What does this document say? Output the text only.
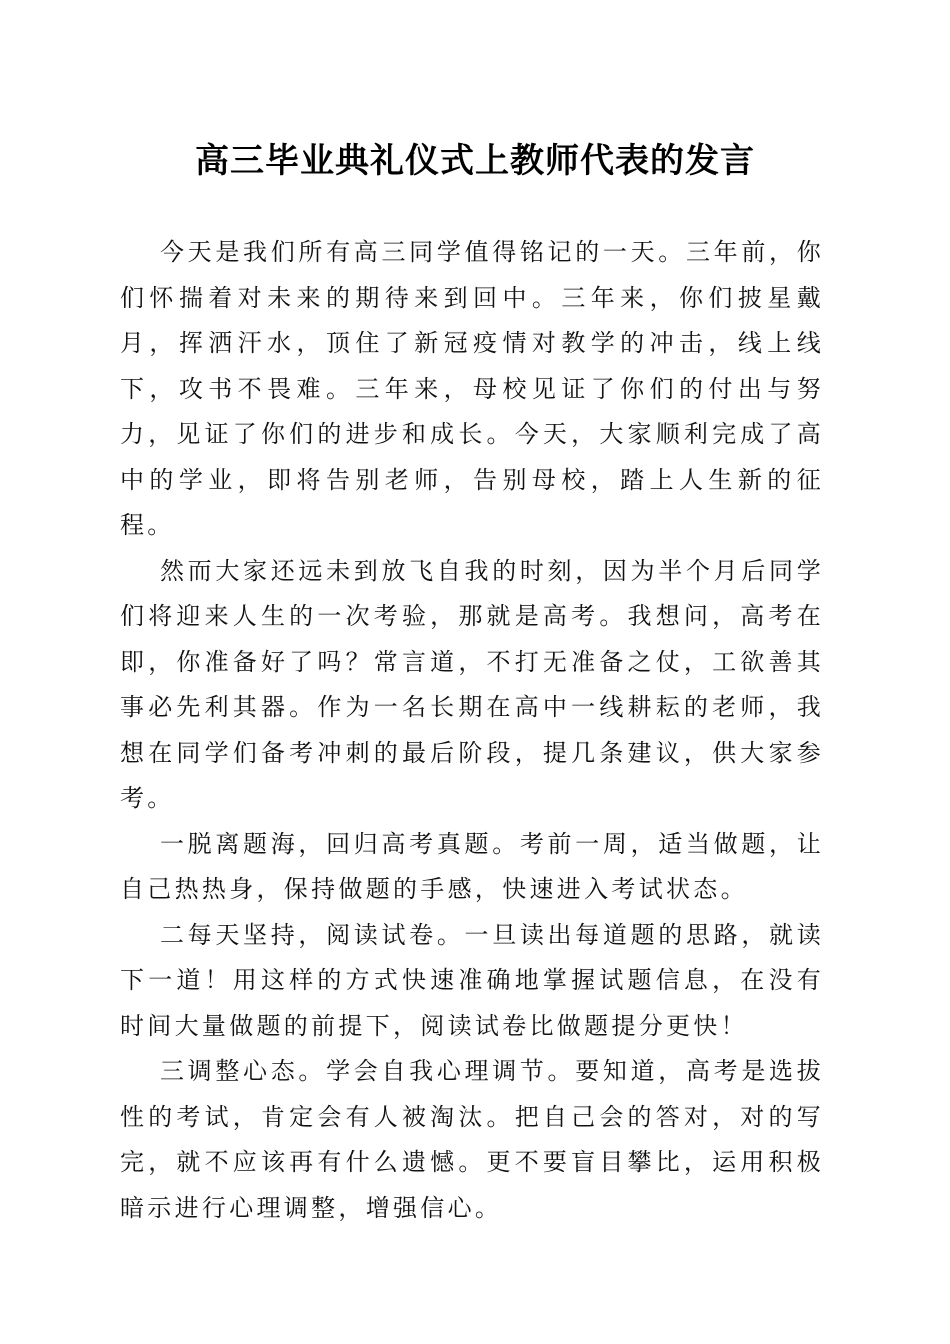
高三毕业典礼仪式上教师代表的发言

今天是我们所有高三同学值得铭记的一天。三年前，你们怀揣着对未来的期待来到回中。三年来，你们披星戴月，挥洒汗水，顶住了新冠疫情对教学的冲击，线上线下，攻书不畏难。三年来，母校见证了你们的付出与努力，见证了你们的进步和成长。今天，大家顺利完成了高中的学业，即将告别老师，告别母校，踏上人生新的征程。

然而大家还远未到放飞自我的时刻，因为半个月后同学们将迎来人生的一次考验，那就是高考。我想问，高考在即，你准备好了吗？常言道，不打无准备之仗，工欲善其事必先利其器。作为一名长期在高中一线耕耘的老师，我想在同学们备考冲刺的最后阶段，提几条建议，供大家参考。

一脱离题海，回归高考真题。考前一周，适当做题，让自己热热身，保持做题的手感，快速进入考试状态。

二每天坚持，阅读试卷。一旦读出每道题的思路，就读下一道！用这样的方式快速准确地掌握试题信息，在没有时间大量做题的前提下，阅读试卷比做题提分更快！

三调整心态。学会自我心理调节。要知道，高考是选拔性的考试，肯定会有人被淘汰。把自己会的答对，对的写完，就不应该再有什么遗憾。更不要盲目攀比，运用积极暗示进行心理调整，增强信心。
